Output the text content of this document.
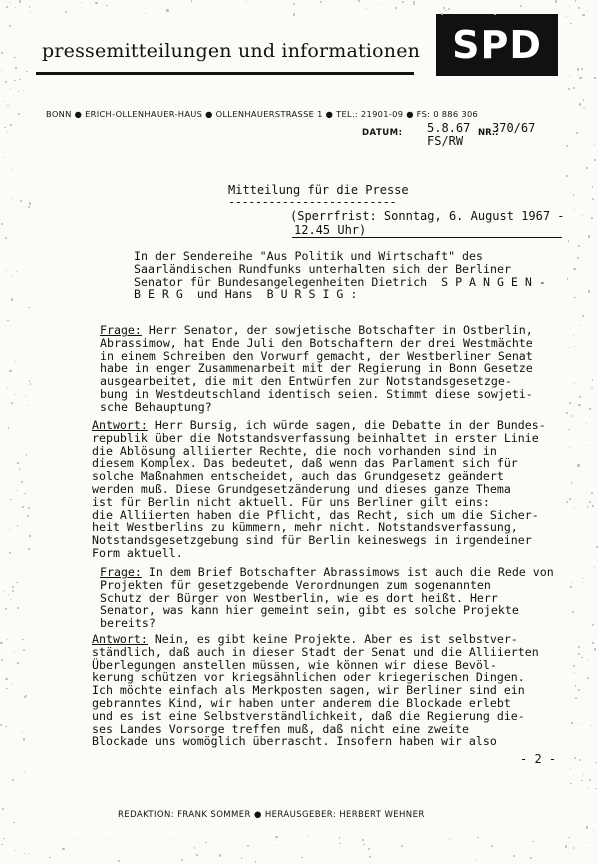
pressemitteilungen und informationen SPD
BONN ● ERICH-OLLENHAUER-HAUS ● OLLENHAUERSTRASSE 1 ● TEL.: 21901-09 ● FS: 0 886 306
DATUM: 5.8.67 NR.:
370/67
FS/RW
Mitteilung für die Presse
-------------------------
(Sperrfrist: Sonntag, 6. August 1967 -
12.45 Uhr)
In der Sendereihe "Aus Politik und Wirtschaft" des
Saarländischen Rundfunks unterhalten sich der Berliner
Senator für Bundesangelegenheiten Dietrich  S P A N G E N -
B E R G  und Hans  B U R S I G :
Frage: Herr Senator, der sowjetische Botschafter in Ostberlin,
Abrassimow, hat Ende Juli den Botschaftern der drei Westmächte
in einem Schreiben den Vorwurf gemacht, der Westberliner Senat
habe in enger Zusammenarbeit mit der Regierung in Bonn Gesetze
ausgearbeitet, die mit den Entwürfen zur Notstandsgesetzge-
bung in Westdeutschland identisch seien. Stimmt diese sowjeti-
sche Behauptung?
Antwort: Herr Bursig, ich würde sagen, die Debatte in der Bundes-
republik über die Notstandsverfassung beinhaltet in erster Linie
die Ablösung alliierter Rechte, die noch vorhanden sind in
diesem Komplex. Das bedeutet, daß wenn das Parlament sich für
solche Maßnahmen entscheidet, auch das Grundgesetz geändert
werden muß. Diese Grundgesetzänderung und dieses ganze Thema
ist für Berlin nicht aktuell. Für uns Berliner gilt eins:
die Alliierten haben die Pflicht, das Recht, sich um die Sicher-
heit Westberlins zu kümmern, mehr nicht. Notstandsverfassung,
Notstandsgesetzgebung sind für Berlin keineswegs in irgendeiner
Form aktuell.
Frage: In dem Brief Botschafter Abrassimows ist auch die Rede von
Projekten für gesetzgebende Verordnungen zum sogenannten
Schutz der Bürger von Westberlin, wie es dort heißt. Herr
Senator, was kann hier gemeint sein, gibt es solche Projekte
bereits?
Antwort: Nein, es gibt keine Projekte. Aber es ist selbstver-
ständlich, daß auch in dieser Stadt der Senat und die Alliierten
Überlegungen anstellen müssen, wie können wir diese Bevöl-
kerung schützen vor kriegsähnlichen oder kriegerischen Dingen.
Ich möchte einfach als Merkposten sagen, wir Berliner sind ein
gebranntes Kind, wir haben unter anderem die Blockade erlebt
und es ist eine Selbstverständlichkeit, daß die Regierung die-
ses Landes Vorsorge treffen muß, daß nicht eine zweite
Blockade uns womöglich überrascht. Insofern haben wir also
- 2 -
REDAKTION: FRANK SOMMER ● HERAUSGEBER: HERBERT WEHNER
